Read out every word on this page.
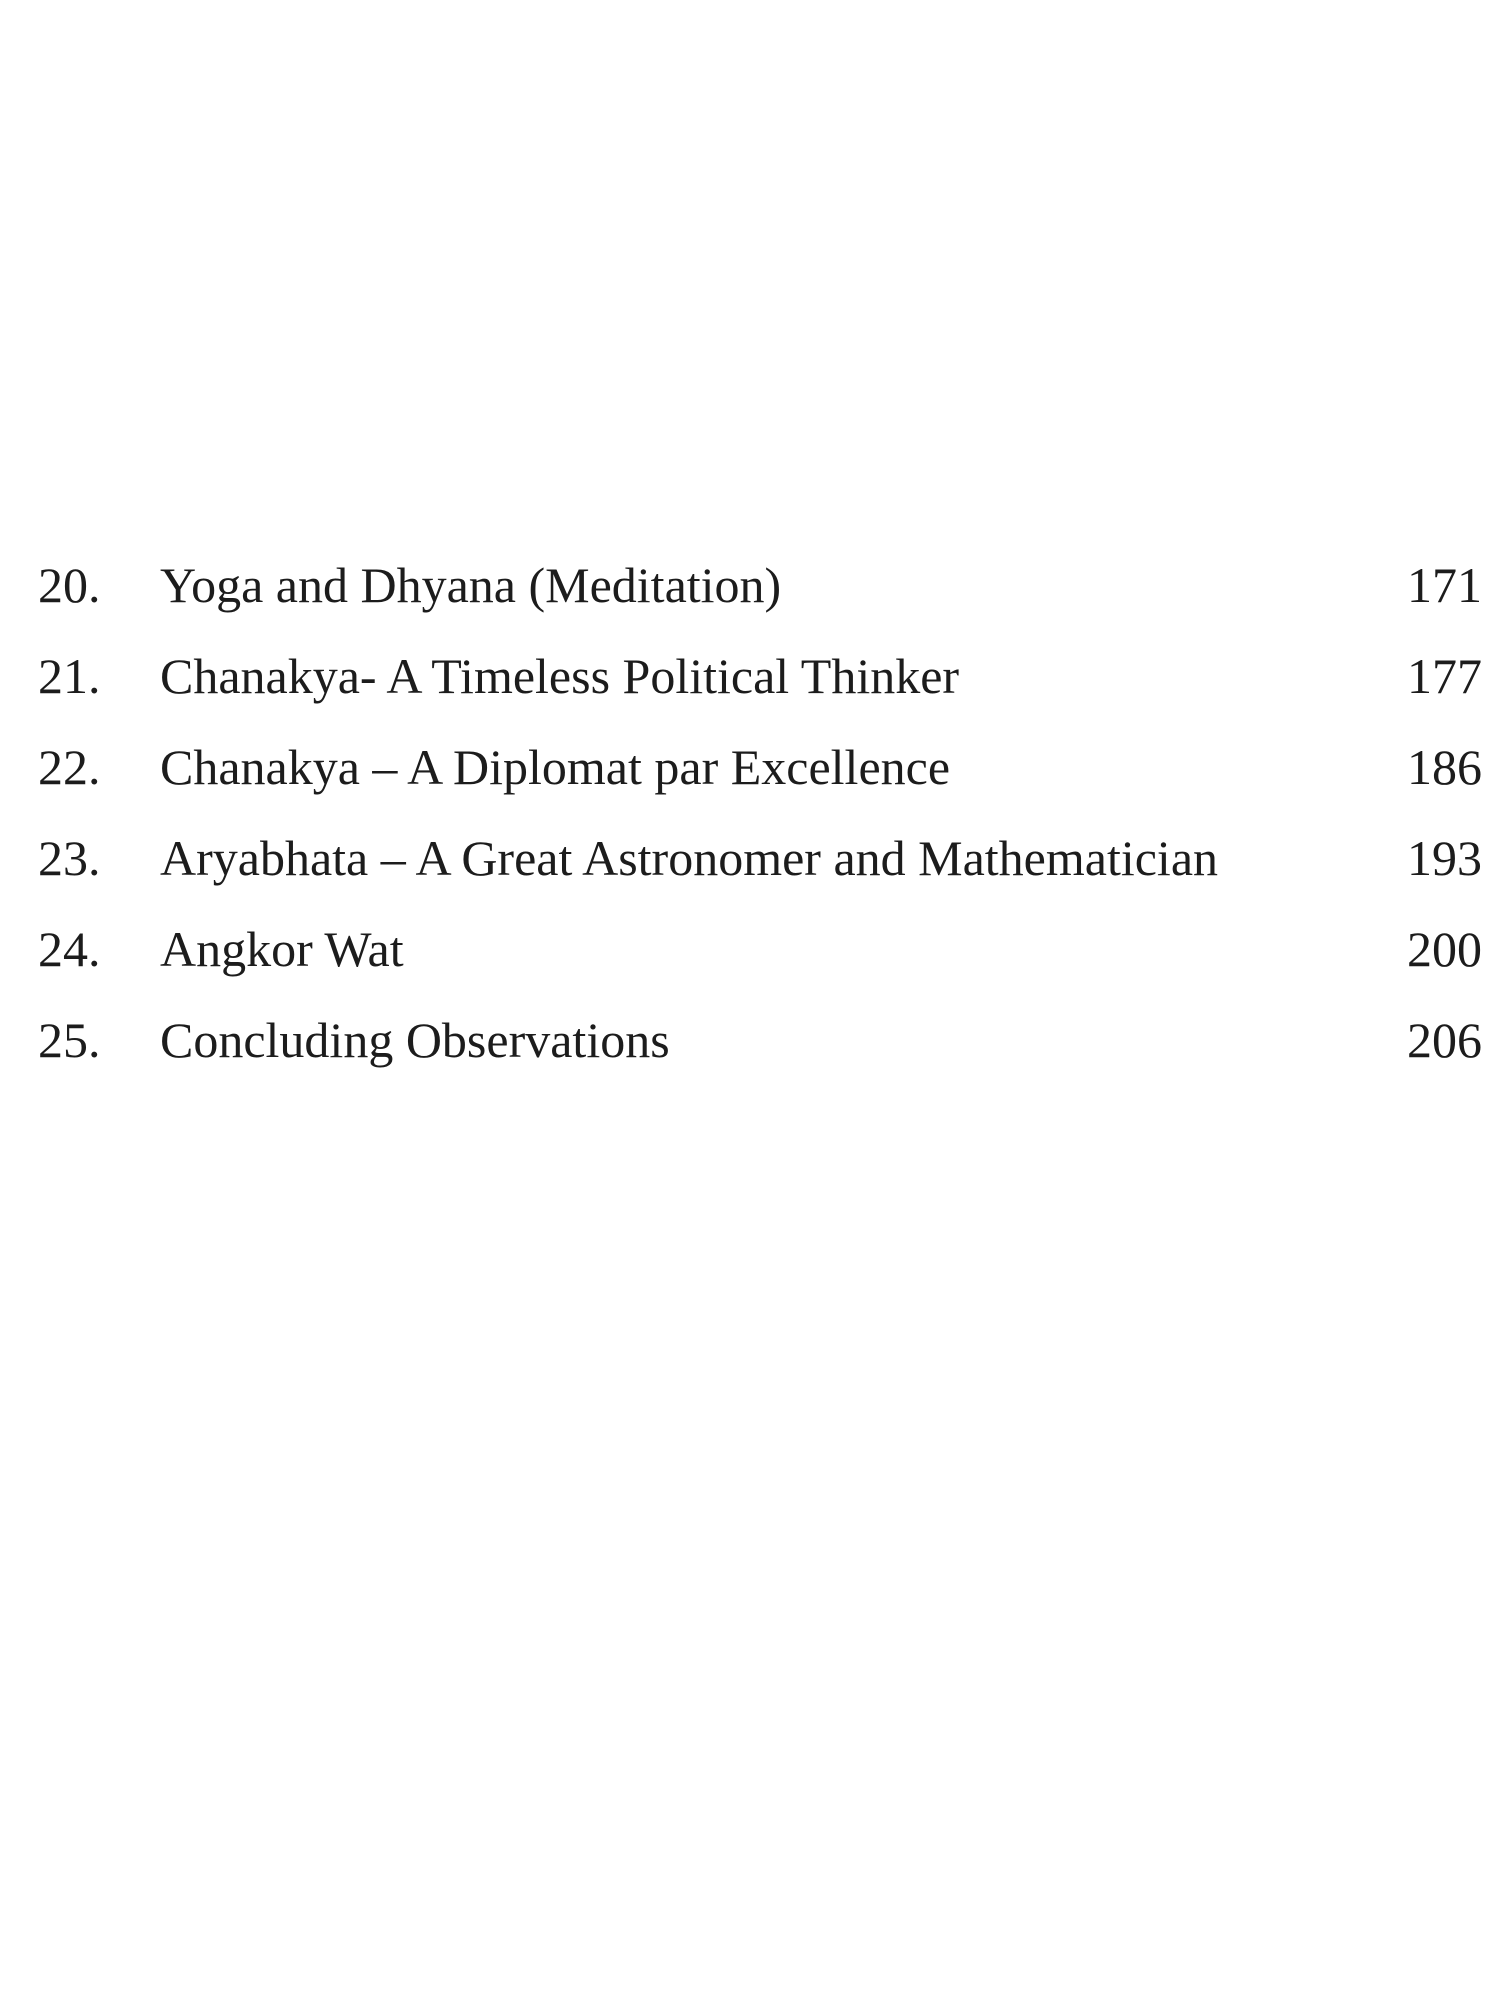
20.	Yoga and Dhyana (Meditation)	171
21.	Chanakya- A Timeless Political Thinker	177
22.	Chanakya – A Diplomat par Excellence	186
23.	Aryabhata – A Great Astronomer and Mathematician	193
24.	Angkor Wat	200
25.	Concluding Observations	206
